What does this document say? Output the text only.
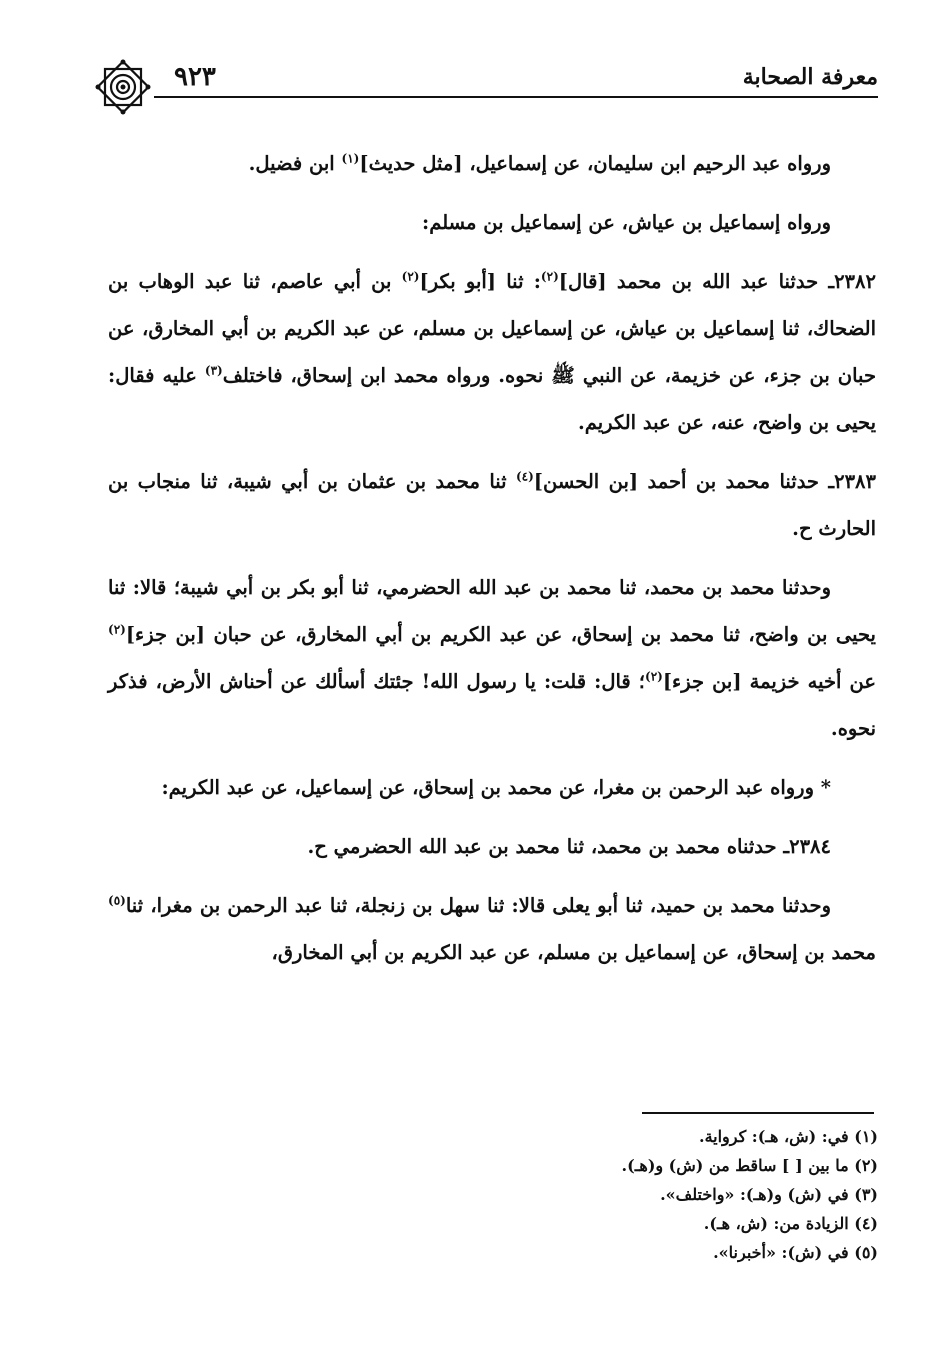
٩٢٣	معرفة الصحابة

ورواه عبد الرحيم ابن سليمان، عن إسماعيل، [مثل حديث]$^{(١)}$ ابن فضيل.

ورواه إسماعيل بن عياش، عن إسماعيل بن مسلم:

٢٣٨٢ـ حدثنا عبد الله بن محمد [قال]$^{(٢)}$: ثنا [أبو بكر]$^{(٢)}$ بن أبي عاصم، ثنا عبد الوهاب بن الضحاك، ثنا إسماعيل بن عياش، عن إسماعيل بن مسلم، عن عبد الكريم بن أبي المخارق، عن حبان بن جزء، عن خزيمة، عن النبي ﷺ نحوه. ورواه محمد ابن إسحاق، فاختلف$^{(٣)}$ عليه فقال: يحيى بن واضح، عنه، عن عبد الكريم.

٢٣٨٣ـ حدثنا محمد بن أحمد [بن الحسن]$^{(٤)}$ ثنا محمد بن عثمان بن أبي شيبة، ثنا منجاب بن الحارث ح.

وحدثنا محمد بن محمد، ثنا محمد بن عبد الله الحضرمي، ثنا أبو بكر بن أبي شيبة؛ قالا: ثنا يحيى بن واضح، ثنا محمد بن إسحاق، عن عبد الكريم بن أبي المخارق، عن حبان [بن جزء]$^{(٢)}$ عن أخيه خزيمة [بن جزء]$^{(٢)}$؛ قال: قلت: يا رسول الله! جئتك أسألك عن أحناش الأرض، فذكر نحوه.

* ورواه عبد الرحمن بن مغرا، عن محمد بن إسحاق، عن إسماعيل، عن عبد الكريم:

٢٣٨٤ـ حدثناه محمد بن محمد، ثنا محمد بن عبد الله الحضرمي ح.

وحدثنا محمد بن حميد، ثنا أبو يعلى قالا: ثنا سهل بن زنجلة، ثنا عبد الرحمن بن مغرا، ثنا$^{(٥)}$ محمد بن إسحاق، عن إسماعيل بن مسلم، عن عبد الكريم بن أبي المخارق،

(١) في: (ش، هـ): كرواية.

(٢) ما بين [ ] ساقط من (ش) و(هـ).

(٣) في (ش) و(هـ): «واختلف».

(٤) الزيادة من: (ش، هـ).

(٥) في (ش): «أخبرنا».
